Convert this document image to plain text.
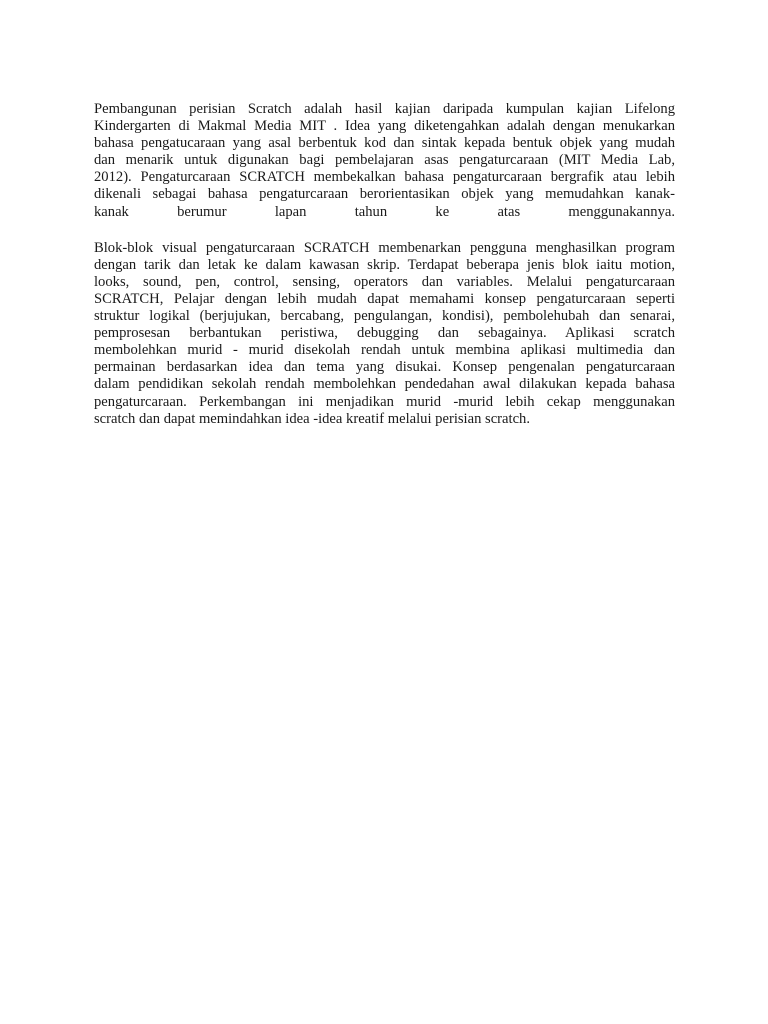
Pembangunan perisian Scratch adalah hasil kajian daripada kumpulan kajian Lifelong
Kindergarten di Makmal Media MIT . Idea yang diketengahkan adalah dengan menukarkan
bahasa pengatucaraan yang asal berbentuk kod dan sintak kepada bentuk objek yang mudah
dan menarik untuk digunakan bagi pembelajaran asas pengaturcaraan (MIT Media Lab,
2012). Pengaturcaraan SCRATCH membekalkan bahasa pengaturcaraan bergrafik atau lebih
dikenali sebagai bahasa pengaturcaraan berorientasikan objek yang memudahkan kanak-
kanak berumur lapan tahun ke atas menggunakannya.

Blok-blok visual pengaturcaraan SCRATCH membenarkan pengguna menghasilkan program
dengan tarik dan letak ke dalam kawasan skrip. Terdapat beberapa jenis blok iaitu motion,
looks, sound, pen, control, sensing, operators dan variables. Melalui pengaturcaraan
SCRATCH, Pelajar dengan lebih mudah dapat memahami konsep pengaturcaraan seperti
struktur logikal (berjujukan, bercabang, pengulangan, kondisi), pembolehubah dan senarai,
pemprosesan berbantukan peristiwa, debugging dan sebagainya. Aplikasi scratch
membolehkan murid - murid disekolah rendah untuk membina aplikasi multimedia dan
permainan berdasarkan idea dan tema yang disukai. Konsep pengenalan pengaturcaraan
dalam pendidikan sekolah rendah membolehkan pendedahan awal dilakukan kepada bahasa
pengaturcaraan. Perkembangan ini menjadikan murid -murid lebih cekap menggunakan
scratch dan dapat memindahkan idea -idea kreatif melalui perisian scratch.
